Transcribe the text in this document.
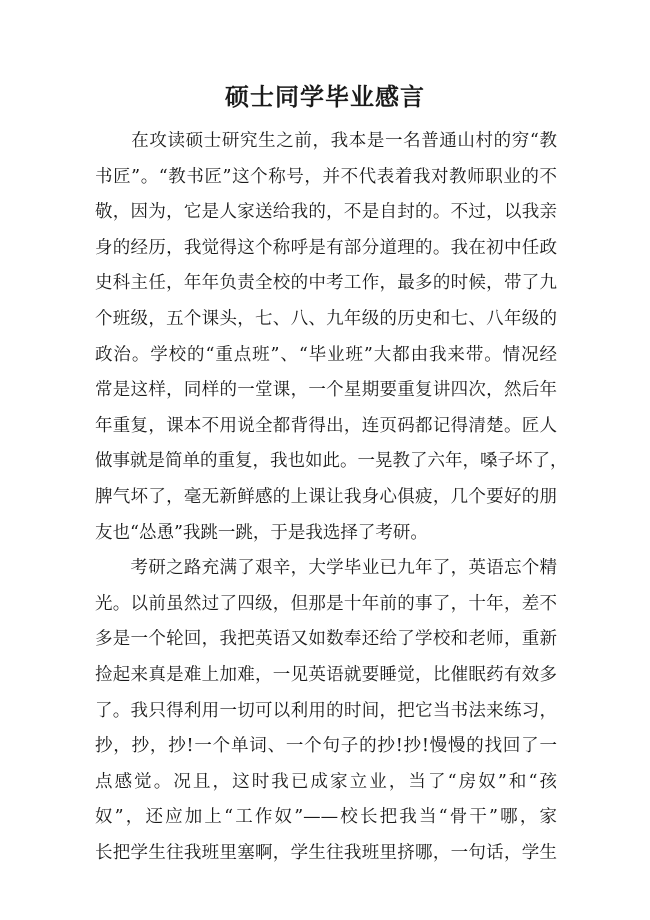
硕士同学毕业感言
　　在攻读硕士研究生之前，我本是一名普通山村的穷“教
书匠”。“教书匠”这个称号，并不代表着我对教师职业的不
敬，因为，它是人家送给我的，不是自封的。不过，以我亲
身的经历，我觉得这个称呼是有部分道理的。我在初中任政
史科主任，年年负责全校的中考工作，最多的时候，带了九
个班级，五个课头，七、八、九年级的历史和七、八年级的
政治。学校的“重点班”、“毕业班”大都由我来带。情况经
常是这样，同样的一堂课，一个星期要重复讲四次，然后年
年重复，课本不用说全都背得出，连页码都记得清楚。匠人
做事就是简单的重复，我也如此。一晃教了六年，嗓子坏了，
脾气坏了，毫无新鲜感的上课让我身心俱疲，几个要好的朋
友也“怂恿”我跳一跳，于是我选择了考研。
　　考研之路充满了艰辛，大学毕业已九年了，英语忘个精
光。以前虽然过了四级，但那是十年前的事了，十年，差不
多是一个轮回，我把英语又如数奉还给了学校和老师，重新
捡起来真是难上加难，一见英语就要睡觉，比催眠药有效多
了。我只得利用一切可以利用的时间，把它当书法来练习，
抄，抄，抄!一个单词、一个句子的抄!抄!慢慢的找回了一
点感觉。况且，这时我已成家立业，当了“房奴”和“孩
奴”，还应加上“工作奴”——校长把我当“骨干”哪，家
长把学生往我班里塞啊，学生往我班里挤哪，一句话，学生
